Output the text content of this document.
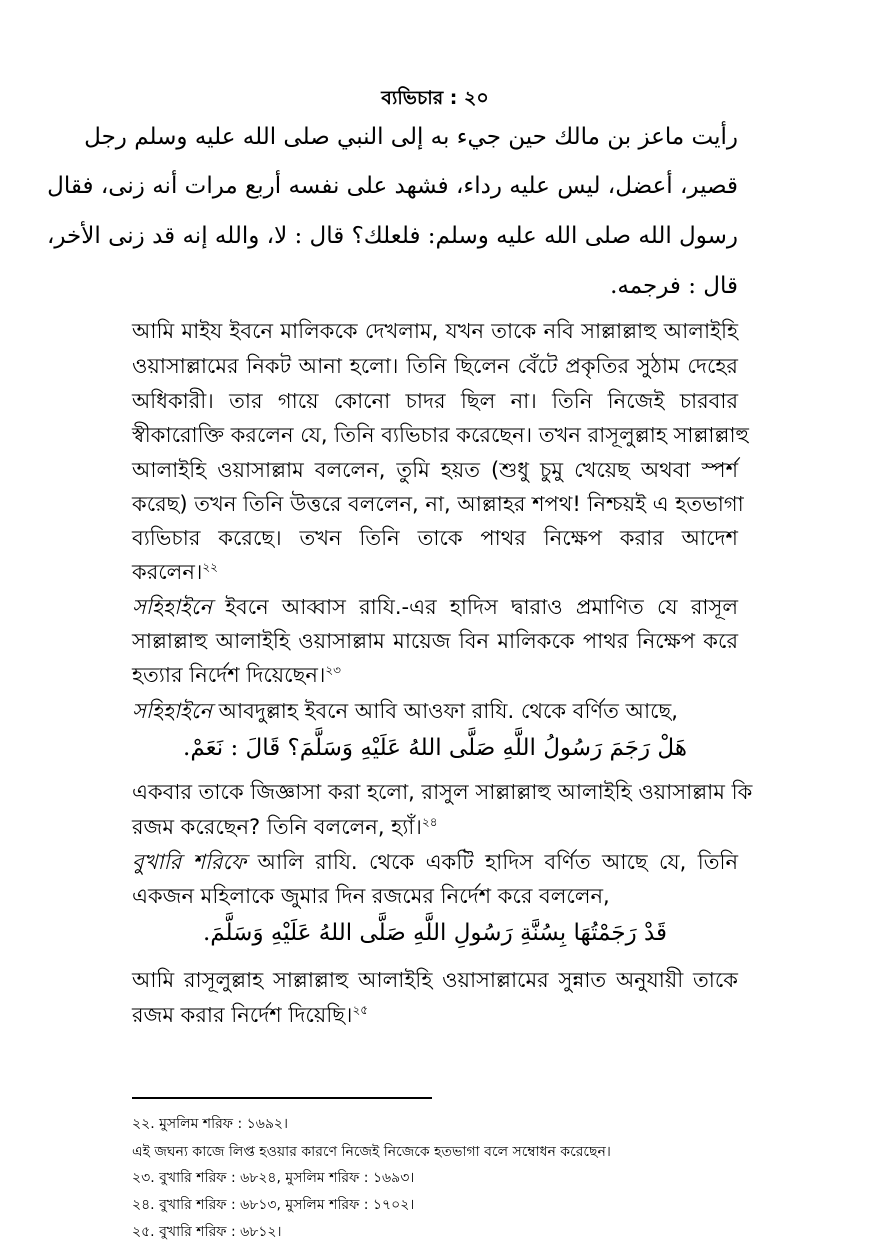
ব্যভিচার : ২০
رأيت ماعز بن مالك حين جيء به إلى النبي صلى الله عليه وسلم رجل
قصير، أعضل، ليس عليه رداء، فشهد على نفسه أربع مرات أنه زنى، فقال
رسول الله صلى الله عليه وسلم: فلعلك؟ قال : لا، والله إنه قد زنى الأخر،
قال : فرجمه.
আমি মাইয ইবনে মালিককে দেখলাম, যখন তাকে নবি সাল্লাল্লাহু আলাইহি
ওয়াসাল্লামের নিকট আনা হলো। তিনি ছিলেন বেঁটে প্রকৃতির সুঠাম দেহের
অধিকারী। তার গায়ে কোনো চাদর ছিল না। তিনি নিজেই চারবার
স্বীকারোক্তি করলেন যে, তিনি ব্যভিচার করেছেন। তখন রাসূলুল্লাহ সাল্লাল্লাহু
আলাইহি ওয়াসাল্লাম বললেন, তুমি হয়ত (শুধু চুমু খেয়েছ অথবা স্পর্শ
করেছ) তখন তিনি উত্তরে বললেন, না, আল্লাহর শপথ! নিশ্চয়ই এ হতভাগা
ব্যভিচার করেছে। তখন তিনি তাকে পাথর নিক্ষেপ করার আদেশ
করলেন।$^{২২}$
সহিহাইনে ইবনে আব্বাস রাযি.-এর হাদিস দ্বারাও প্রমাণিত যে রাসূল
সাল্লাল্লাহু আলাইহি ওয়াসাল্লাম মায়েজ বিন মালিককে পাথর নিক্ষেপ করে
হত্যার নির্দেশ দিয়েছেন।$^{২৩}$
সহিহাইনে আবদুল্লাহ ইবনে আবি আওফা রাযি. থেকে বর্ণিত আছে,
هَلْ رَجَمَ رَسُولُ اللَّهِ صَلَّى اللهُ عَلَيْهِ وَسَلَّمَ؟ قَالَ : نَعَمْ.
একবার তাকে জিজ্ঞাসা করা হলো, রাসুল সাল্লাল্লাহু আলাইহি ওয়াসাল্লাম কি
রজম করেছেন? তিনি বললেন, হ্যাঁ।$^{২৪}$
বুখারি শরিফে আলি রাযি. থেকে একটি হাদিস বর্ণিত আছে যে, তিনি
একজন মহিলাকে জুমার দিন রজমের নির্দেশ করে বললেন,
قَدْ رَجَمْتُهَا بِسُنَّةِ رَسُولِ اللَّهِ صَلَّى اللهُ عَلَيْهِ وَسَلَّمَ.
আমি রাসূলুল্লাহ সাল্লাল্লাহু আলাইহি ওয়াসাল্লামের সুন্নাত অনুযায়ী তাকে
রজম করার নির্দেশ দিয়েছি।$^{২৫}$
২২. মুসলিম শরিফ : ১৬৯২।
এই জঘন্য কাজে লিপ্ত হওয়ার কারণে নিজেই নিজেকে হতভাগা বলে সম্বোধন করেছেন।
২৩. বুখারি শরিফ : ৬৮২৪, মুসলিম শরিফ : ১৬৯৩।
২৪. বুখারি শরিফ : ৬৮১৩, মুসলিম শরিফ : ১৭০২।
২৫. বুখারি শরিফ : ৬৮১২।
